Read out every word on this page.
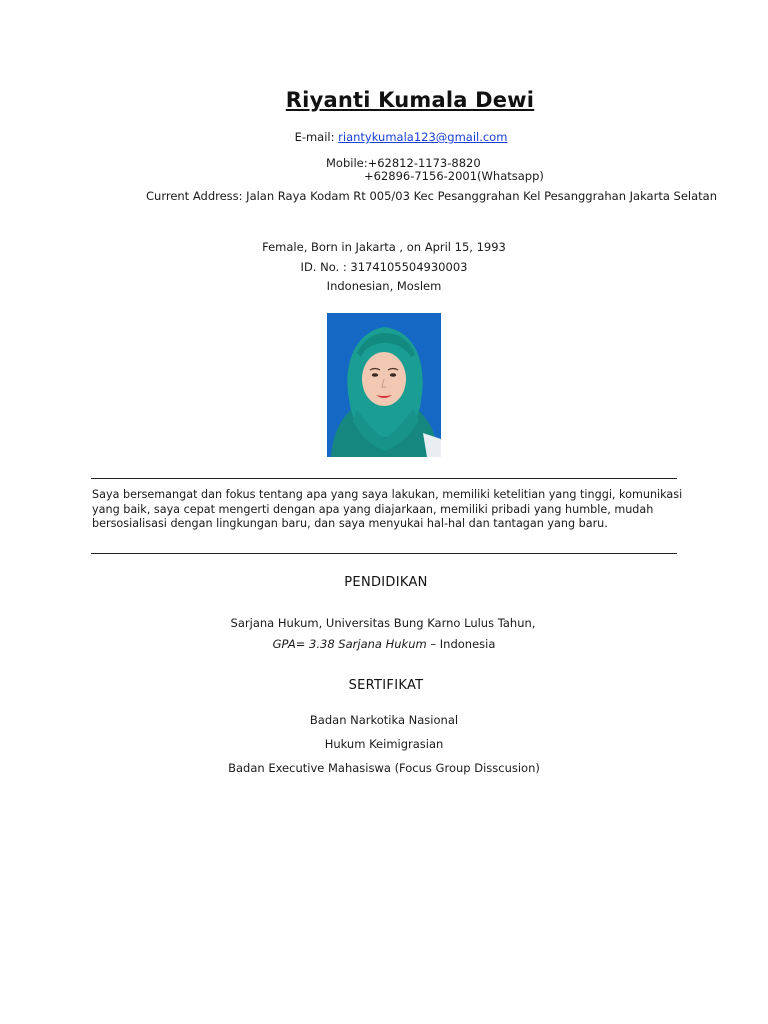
Riyanti Kumala Dewi
E-mail: riantykumala123@gmail.com
Mobile:+62812-1173-8820
+62896-7156-2001(Whatsapp)
Current Address: Jalan Raya Kodam Rt 005/03 Kec Pesanggrahan Kel Pesanggrahan Jakarta Selatan
Female, Born in Jakarta , on April 15, 1993
ID. No. : 3174105504930003
Indonesian, Moslem
Saya bersemangat dan fokus tentang apa yang saya lakukan, memiliki ketelitian yang tinggi, komunikasi yang baik, saya cepat mengerti dengan apa yang diajarkaan, memiliki pribadi yang humble, mudah bersosialisasi dengan lingkungan baru, dan saya menyukai hal-hal dan tantagan yang baru.
PENDIDIKAN
Sarjana Hukum, Universitas Bung Karno Lulus Tahun,
GPA= 3.38 Sarjana Hukum – Indonesia
SERTIFIKAT
Badan Narkotika Nasional
Hukum Keimigrasian
Badan Executive Mahasiswa (Focus Group Disscusion)
